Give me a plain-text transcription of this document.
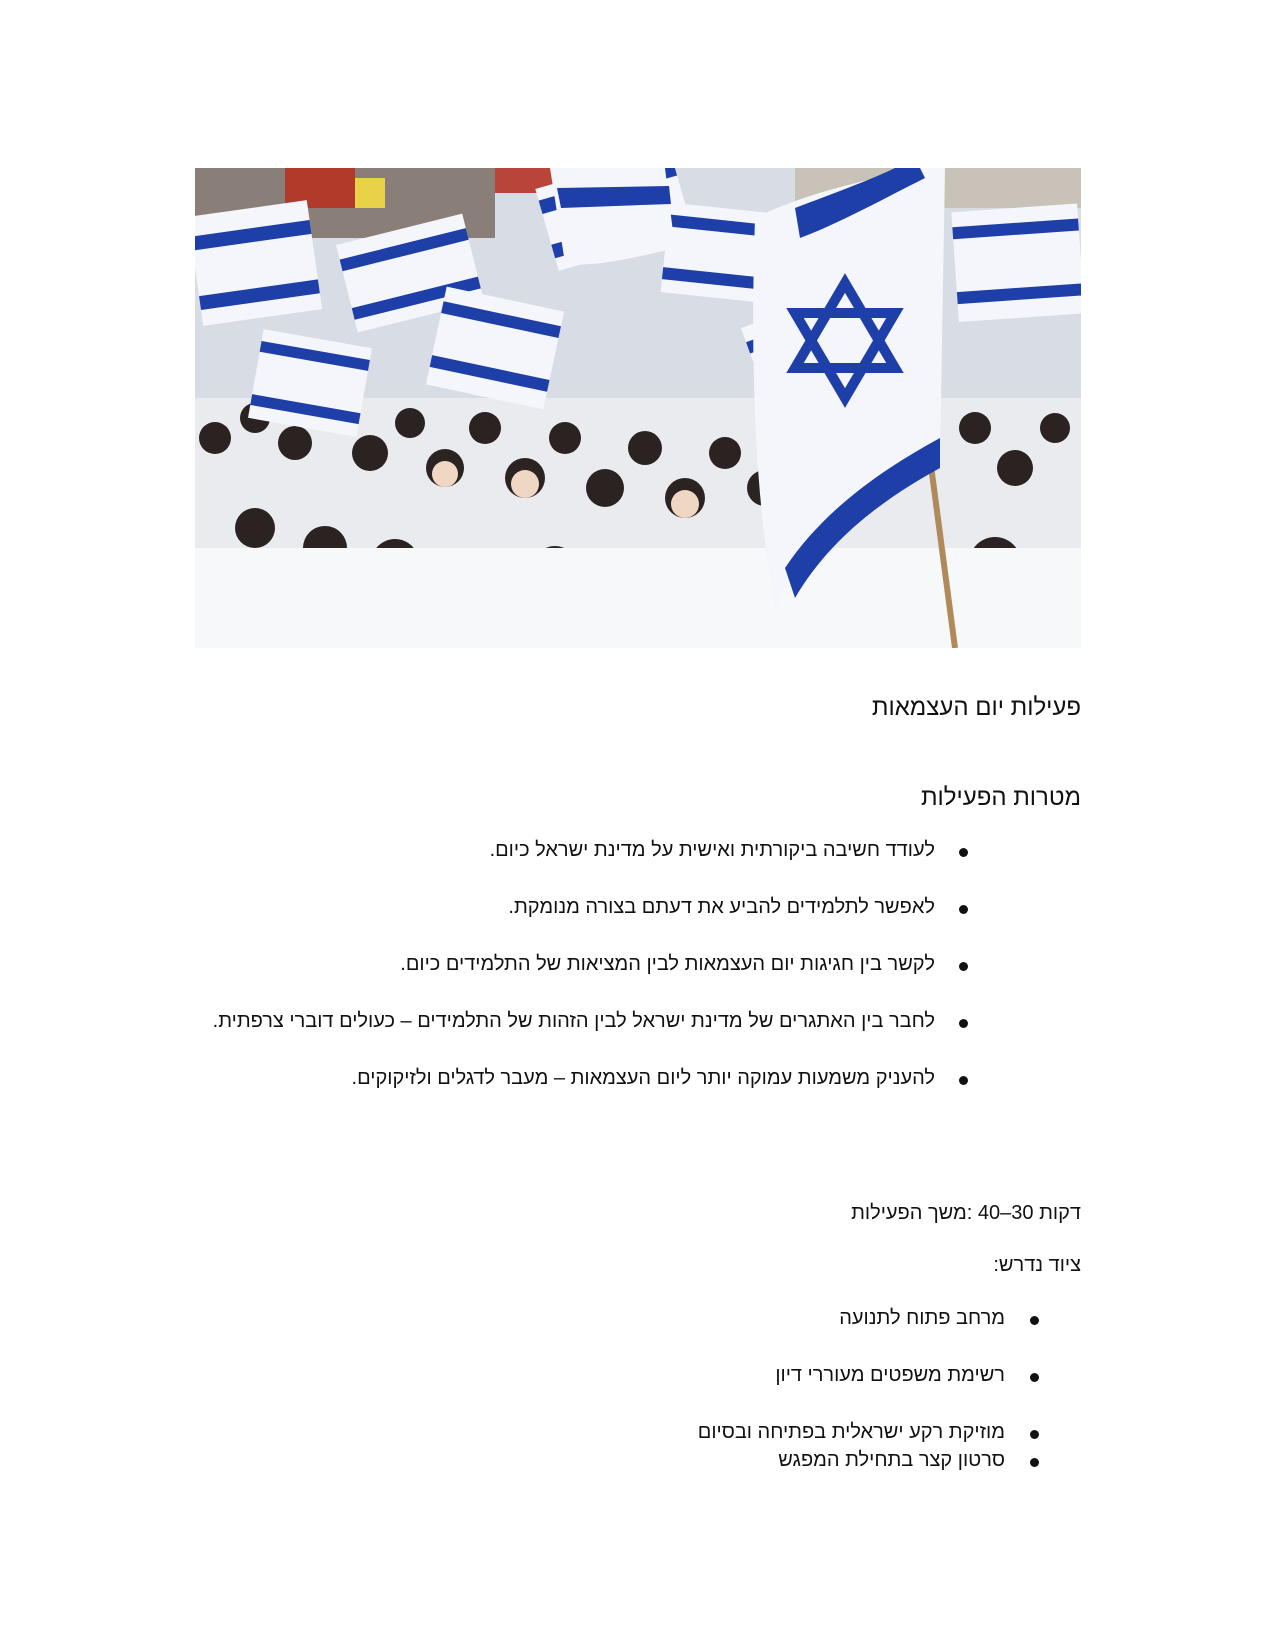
פעילות יום העצמאות
מטרות הפעילות
לעודד חשיבה ביקורתית ואישית על מדינת ישראל כיום.
לאפשר לתלמידים להביע את דעתם בצורה מנומקת.
לקשר בין חגיגות יום העצמאות לבין המציאות של התלמידים כיום.
לחבר בין האתגרים של מדינת ישראל לבין הזהות של התלמידים – כעולים דוברי צרפתית.
להעניק משמעות עמוקה יותר ליום העצמאות – מעבר לדגלים ולזיקוקים.

דקות 30–40 :משך הפעילות

ציוד נדרש:

מרחב פתוח לתנועה
רשימת משפטים מעוררי דיון
מוזיקת רקע ישראלית בפתיחה ובסיום
סרטון קצר בתחילת המפגש
